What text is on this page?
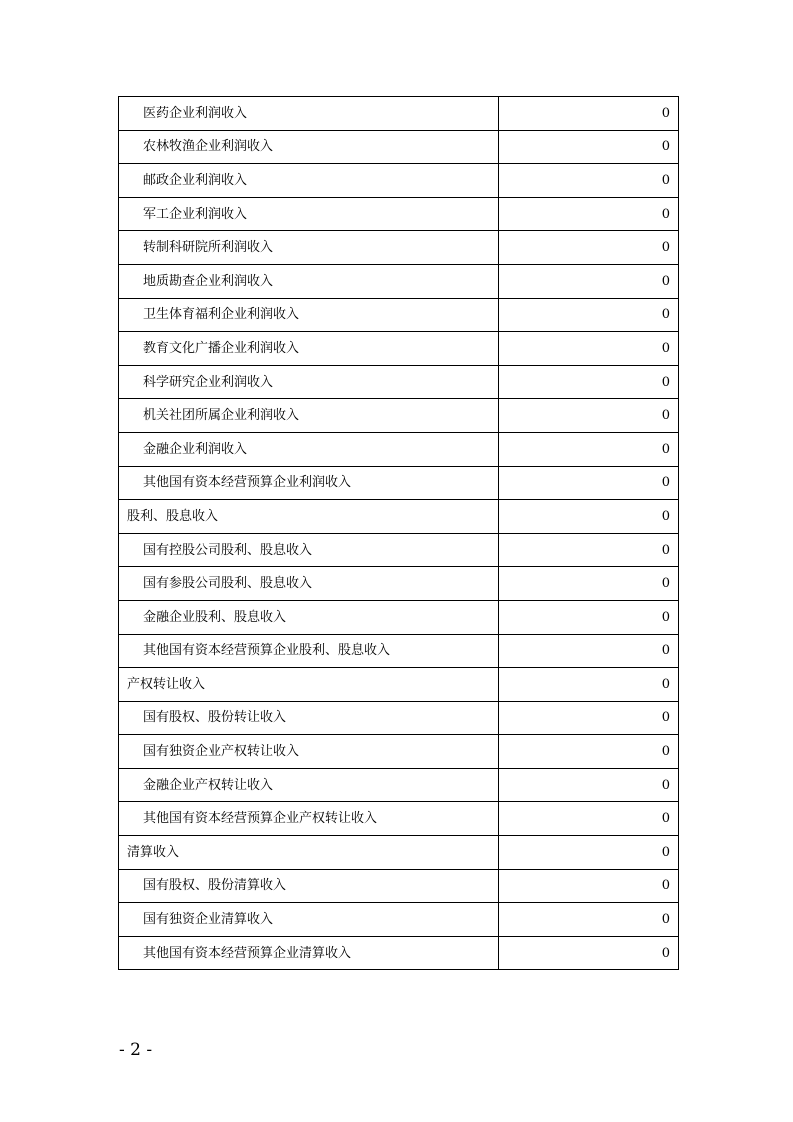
医药企业利润收入	0
农林牧渔企业利润收入	0
邮政企业利润收入	0
军工企业利润收入	0
转制科研院所利润收入	0
地质勘查企业利润收入	0
卫生体育福利企业利润收入	0
教育文化广播企业利润收入	0
科学研究企业利润收入	0
机关社团所属企业利润收入	0
金融企业利润收入	0
其他国有资本经营预算企业利润收入	0
股利、股息收入	0
国有控股公司股利、股息收入	0
国有参股公司股利、股息收入	0
金融企业股利、股息收入	0
其他国有资本经营预算企业股利、股息收入	0
产权转让收入	0
国有股权、股份转让收入	0
国有独资企业产权转让收入	0
金融企业产权转让收入	0
其他国有资本经营预算企业产权转让收入	0
清算收入	0
国有股权、股份清算收入	0
国有独资企业清算收入	0
其他国有资本经营预算企业清算收入	0
- 2 -
